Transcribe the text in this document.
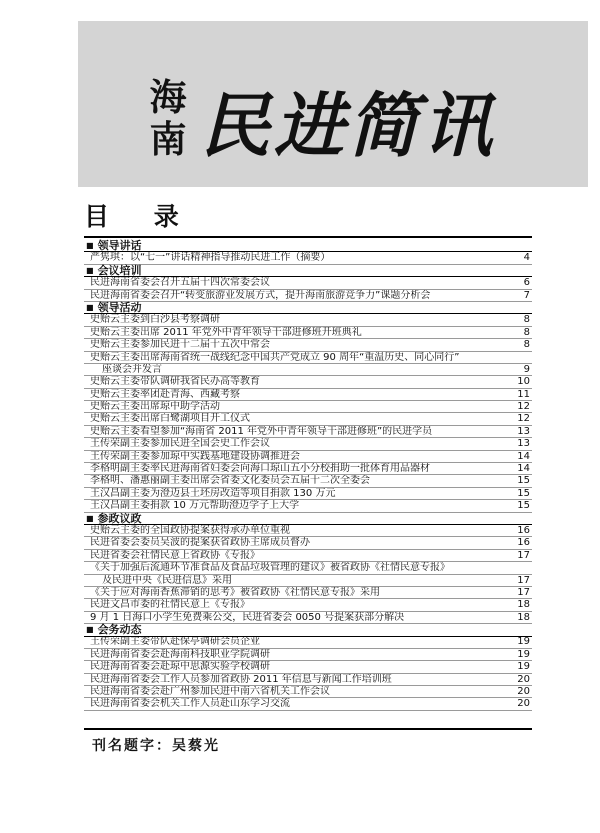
海南 民进简讯
目 录
■ 领导讲话
严隽琪：以“七一”讲话精神指导推动民进工作（摘要）	4
■ 会议培训
民进海南省委会召开五届十四次常委会议	6
民进海南省委会召开“转变旅游业发展方式，提升海南旅游竞争力”课题分析会	7
■ 领导活动
史贻云主委到白沙县考察调研	8
史贻云主委出席 2011 年党外中青年领导干部进修班开班典礼	8
史贻云主委参加民进十二届十五次中常会	8
史贻云主委出席海南省统一战线纪念中国共产党成立 90 周年“重温历史、同心同行”
座谈会并发言	9
史贻云主委带队调研我省民办高等教育	10
史贻云主委率团赴青海、西藏考察	11
史贻云主委出席琼中助学活动	12
史贻云主委出席白鹭湖项目开工仪式	12
史贻云主委看望参加“海南省 2011 年党外中青年领导干部进修班”的民进学员	13
王传荣副主委参加民进全国会史工作会议	13
王传荣副主委参加琼中实践基地建设协调推进会	14
李格明副主委率民进海南省妇委会向海口琼山五小分校捐助一批体育用品器材	14
李格明、潘惠丽副主委出席会省委文化委员会五届十二次全委会	15
王汉昌副主委为澄迈县土坯房改造等项目捐款 130 万元	15
王汉昌副主委捐款 10 万元帮助澄迈学子上大学	15
■ 参政议政
史贻云主委的全国政协提案获得承办单位重视	16
民进省委会委员吴波的提案获省政协主席成员督办	16
民进省委会社情民意上省政协《专报》	17
《关于加强后流通环节准食品及食品垃圾管理的建议》被省政协《社情民意专报》
及民进中央《民进信息》采用	17
《关于应对海南香蕉滞销的思考》被省政协《社情民意专报》采用	17
民进文昌市委的社情民意上《专报》	18
9 月 1 日海口小学生免费乘公交，民进省委会 0050 号提案获部分解决	18
■ 会务动态
王传荣副主委带队赴保亭调研会员企业	19
民进海南省委会赴海南科技职业学院调研	19
民进海南省委会赴琼中思源实验学校调研	19
民进海南省委会工作人员参加省政协 2011 年信息与新闻工作培训班	20
民进海南省委会赴广州参加民进中南六省机关工作会议	20
民进海南省委会机关工作人员赴山东学习交流	20
刊名题字：吴蔡光
